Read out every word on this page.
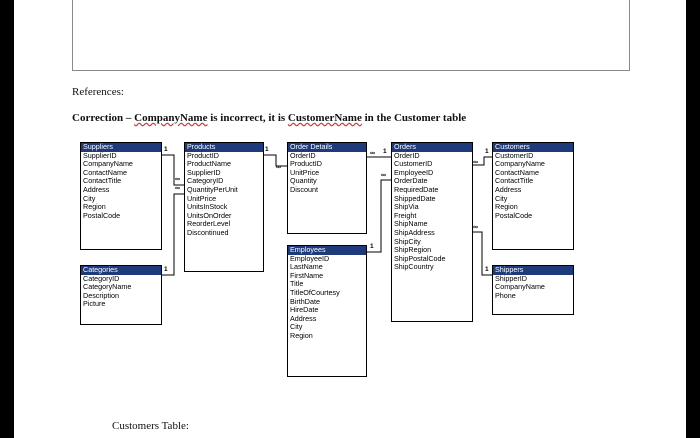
References:
Correction – CompanyName is incorrect, it is CustomerName in the Customer table
1
∞
1
∞
1
∞
∞ 1	1
∞
1
∞
1
∞
Suppliers
SupplierID
CompanyName
ContactName
ContactTitle
Address
City
Region
PostalCode
Products
ProductID
ProductName
SupplierID
CategoryID
QuantityPerUnit
UnitPrice
UnitsInStock
UnitsOnOrder
ReorderLevel
Discontinued
Order Details
OrderID
ProductID
UnitPrice
Quantity
Discount
Orders
OrderID
CustomerID
EmployeeID
OrderDate
RequiredDate
ShippedDate
ShipVia
Freight
ShipName
ShipAddress
ShipCity
ShipRegion
ShipPostalCode
ShipCountry
Customers
CustomerID
CompanyName
ContactName
ContactTitle
Address
City
Region
PostalCode
Categories
CategoryID
CategoryName
Description
Picture
Employees
EmployeeID
LastName
FirstName
Title
TitleOfCourtesy
BirthDate
HireDate
Address
City
Region
Shippers
ShipperID
CompanyName
Phone
Customers Table:
